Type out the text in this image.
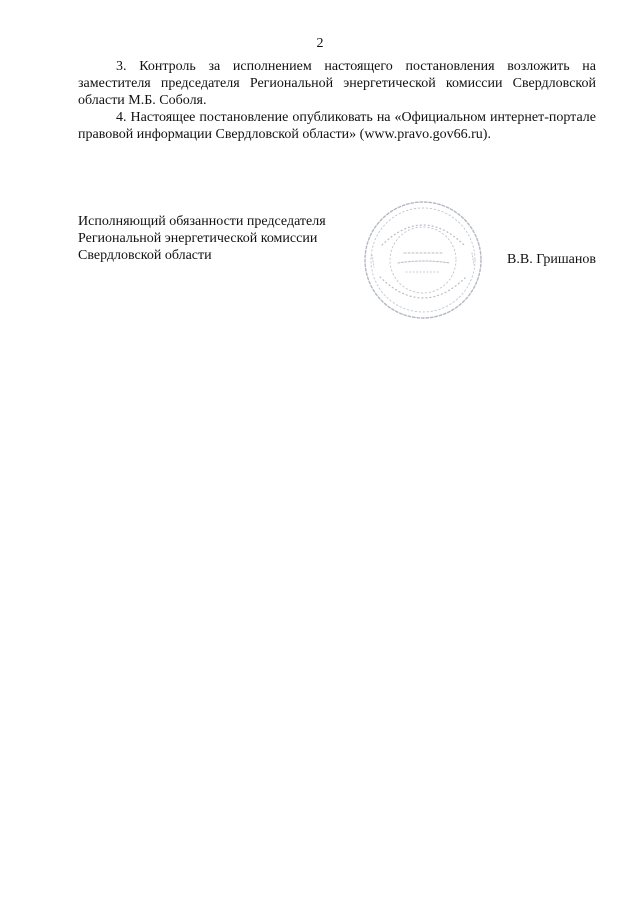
2

3. Контроль за исполнением настоящего постановления возложить на заместителя председателя Региональной энергетической комиссии Свердловской области М.Б. Соболя.

4. Настоящее постановление опубликовать на «Официальном интернет-портале правовой информации Свердловской области» (www.pravo.gov66.ru).

Исполняющий обязанности председателя
Региональной энергетической комиссии
Свердловской области	В.В. Гришанов
